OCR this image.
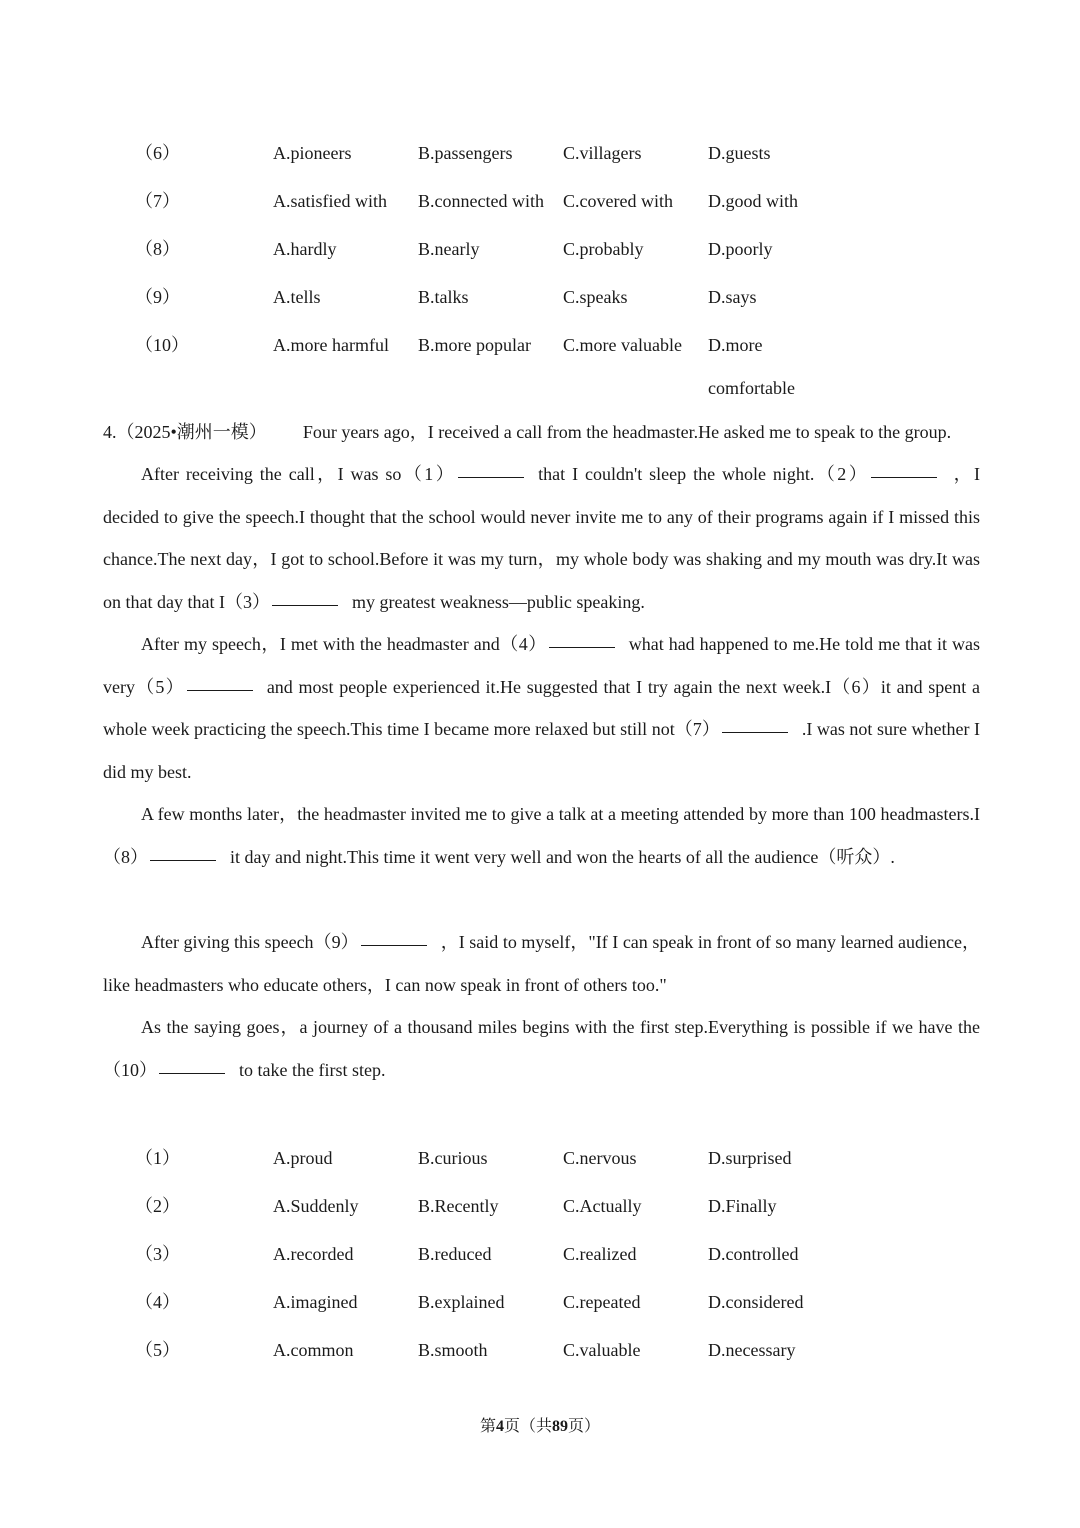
（6）	A.pioneers	B.passengers	C.villagers	D.guests
（7）	A.satisfied with B.connected with C.covered with D.good with
（8）	A.hardly	B.nearly	C.probably	D.poorly
（9）	A.tells	B.talks	C.speaks	D.says
（10）	A.more harmful B.more popular C.more valuable D.more
comfortable

4.（2025•潮州一模） Four years ago，I received a call from the headmaster.He asked me to speak to the group.

After receiving the call，I was so（1）	that I couldn't sleep the whole night.（2）	，I decided to give the speech.I thought that the school would never invite me to any of their programs again if I missed this chance.The next day，I got to school.Before it was my turn，my whole body was shaking and my mouth was dry.It was on that day that I（3）	my greatest weakness—public speaking.

After my speech，I met with the headmaster and（4）	what had happened to me.He told me that it was very（5）	and most people experienced it.He suggested that I try again the next week.I（6）it and spent a whole week practicing the speech.This time I became more relaxed but still not（7）	.I was not sure whether I did my best.

A few months later，the headmaster invited me to give a talk at a meeting attended by more than 100 headmasters.I（8）	it day and night.This time it went very well and won the hearts of all the audience（听众）.

After giving this speech（9）	，I said to myself，"If I can speak in front of so many learned audience，like headmasters who educate others，I can now speak in front of others too."

As the saying goes，a journey of a thousand miles begins with the first step.Everything is possible if we have the（10）	to take the first step.

（1）	A.proud	B.curious	C.nervous	D.surprised
（2）	A.Suddenly	B.Recently	C.Actually	D.Finally
（3）	A.recorded	B.reduced	C.realized	D.controlled
（4）	A.imagined	B.explained	C.repeated	D.considered
（5）	A.common	B.smooth	C.valuable	D.necessary
第4页（共89页）
